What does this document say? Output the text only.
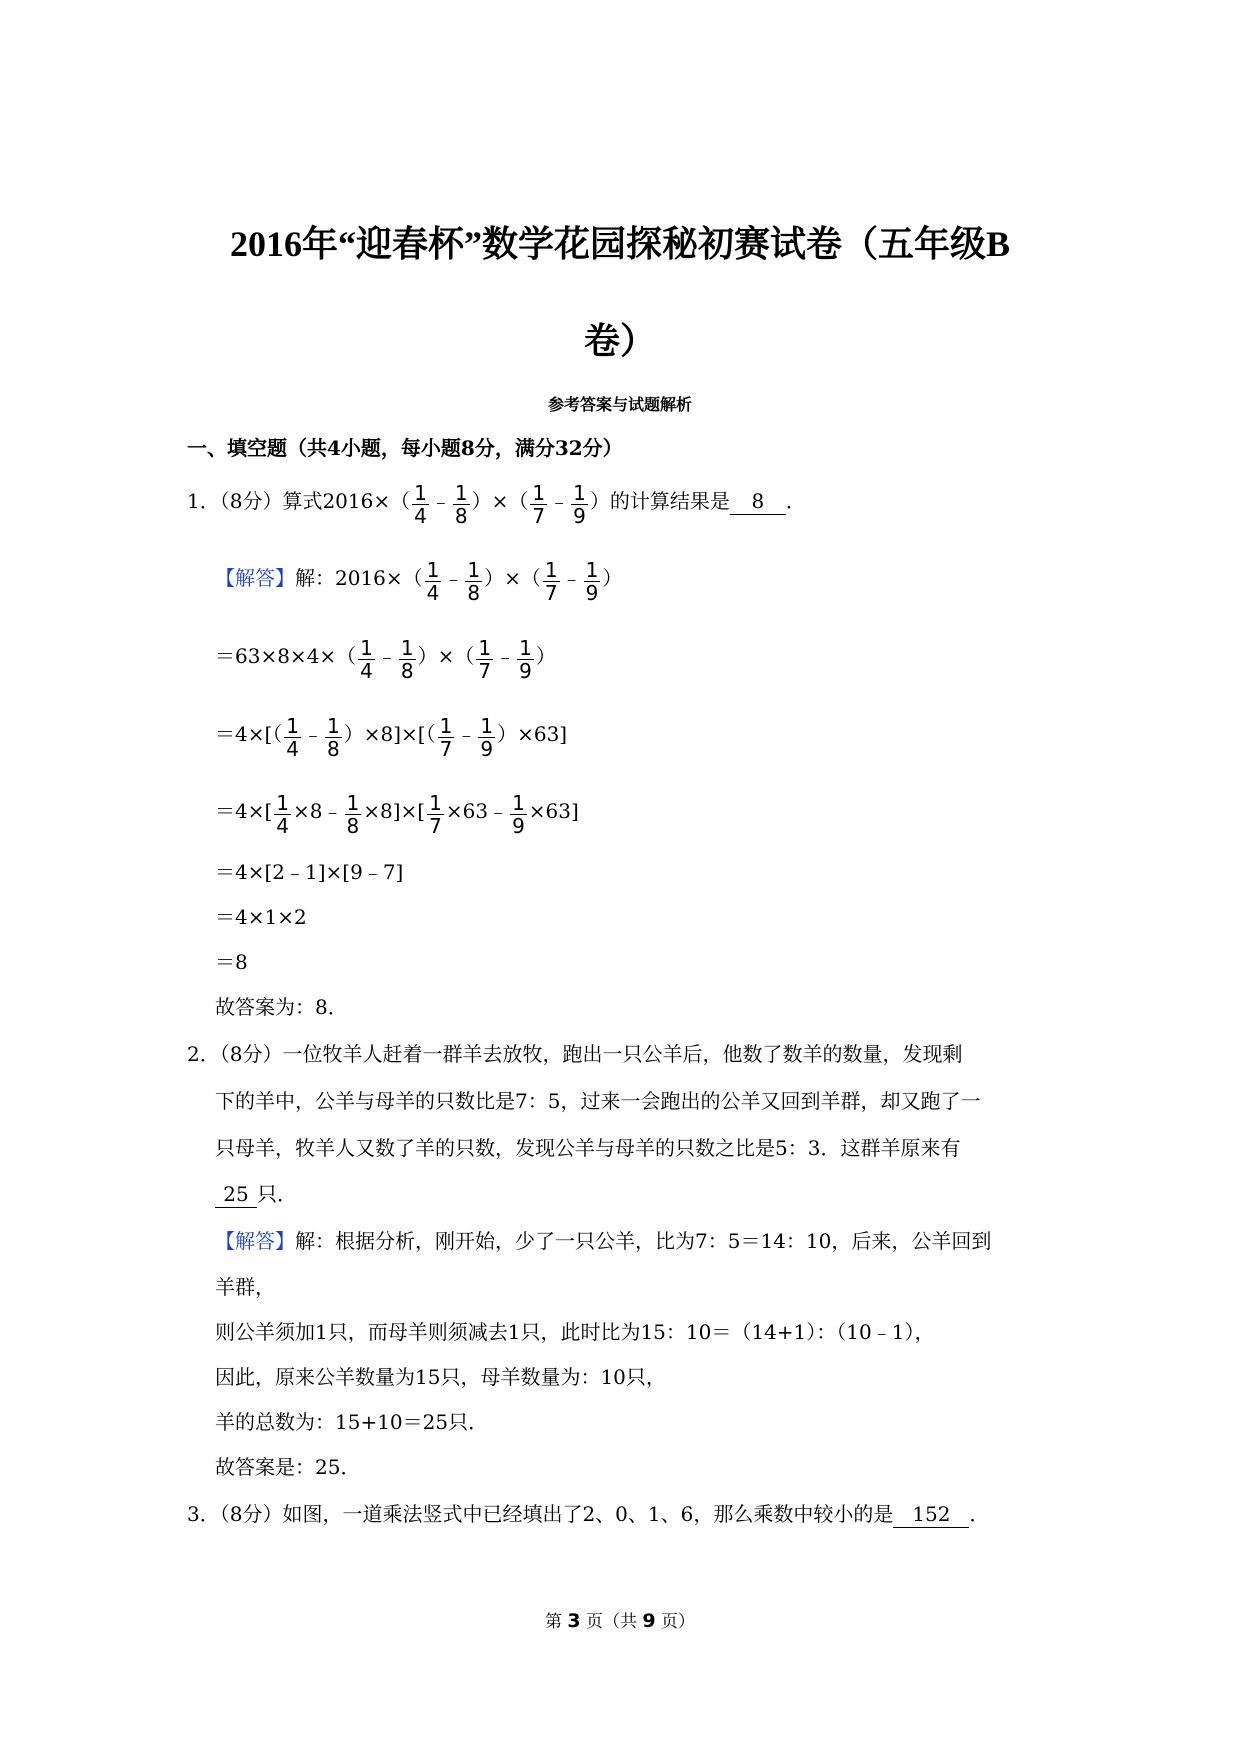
2016年“迎春杯”数学花园探秘初赛试卷（五年级B
卷）
参考答案与试题解析
一、填空题（共4小题，每小题8分，满分32分）
1．（8分）算式$2016\times( \frac{1}{4}$ ﹣ $\frac{1}{8}$ ）×（ $\frac{1}{7}$ ﹣ $\frac{1}{9}$ ）的计算结果是 8 ．
【解答】解：$2016\times( \frac{1}{4}$ ﹣ $\frac{1}{8}$ ）×（ $\frac{1}{7}$ ﹣ $\frac{1}{9}$ ）
$=63\times 8\times 4\times( \frac{1}{4}$ ﹣ $\frac{1}{8}$ ）×（ $\frac{1}{7}$ ﹣ $\frac{1}{9}$ ）
$=4\times[( \frac{1}{4}$ ﹣ $\frac{1}{8} )\times 8]\times[( \frac{1}{7}$ ﹣ $\frac{1}{9} )\times 63$]
$=4\times[ \frac{1}{4}$ ×8﹣ $\frac{1}{8} \times 8]\times[ \frac{1}{7}$ ×63﹣ $\frac{1}{9} \times 63$]
＝4×[2﹣1]×[9﹣7]
＝4×1×2
＝8
故答案为：8．
2．（8分）一位牧羊人赶着一群羊去放牧，跑出一只公羊后，他数了数羊的数量，发现剩
下的羊中，公羊与母羊的只数比是7：5，过来一会跑出的公羊又回到羊群，却又跑了一
只母羊，牧羊人又数了羊的只数，发现公羊与母羊的只数之比是5：3．这群羊原来有
25 只．
【解答】解：根据分析，刚开始，少了一只公羊，比为7：5＝14：10，后来，公羊回到
羊群，
则公羊须加1只，而母羊则须减去1只，此时比为15：10＝（14+1）：（10﹣1），
因此，原来公羊数量为15只，母羊数量为：10只，
羊的总数为：15+10＝25只．
故答案是：25．
3．（8分）如图，一道乘法竖式中已经填出了2、0、1、6，那么乘数中较小的是 152 ．
第 3 页（共 9 页）
